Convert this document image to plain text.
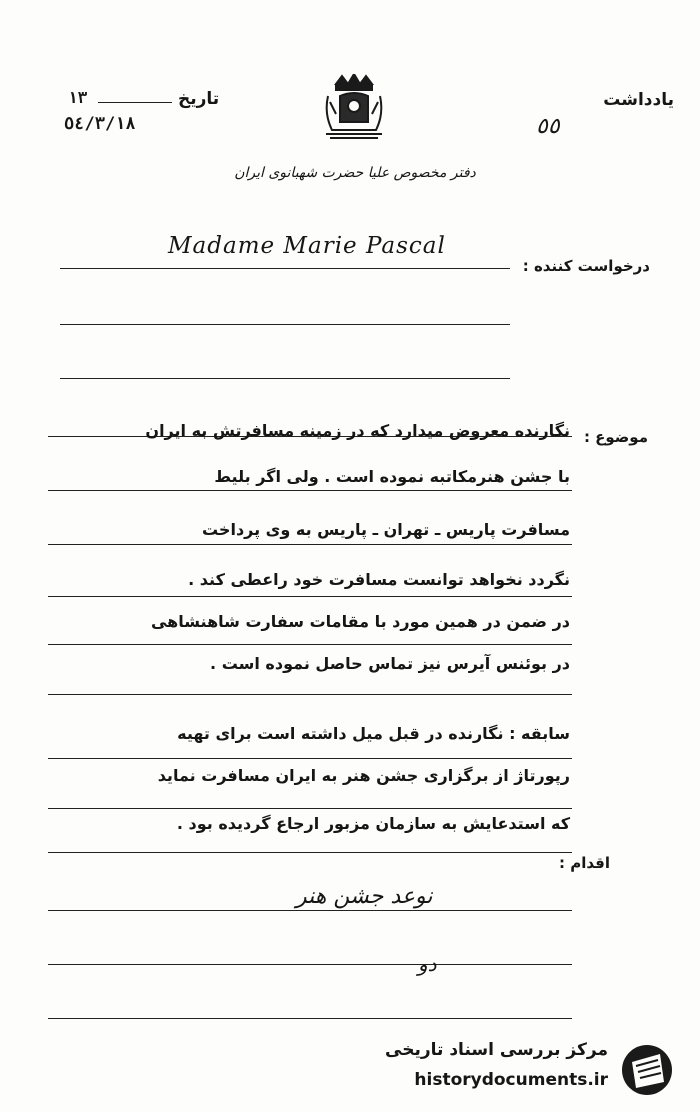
يادداشت
٥٥
تاريخ
١٣
٥٤/٣/١٨
دفتر مخصوص عليا حضرت شهبانوى ايران
Madame Marie Pascal
درخواست كننده :
موضوع :
نگارنده معروض ميدارد كه در زمينه مسافرتش به ايران
با جشن هنرمكاتبه نموده است . ولى اگر بليط
مسافرت پاريس ـ تهران ـ پاريس به وى پرداخت
نگردد نخواهد توانست مسافرت خود راعطى كند .
در ضمن در همين مورد با مقامات سفارت شاهنشاهى
در بوئنس آيرس نيز تماس حاصل نموده است .
سابقه : نگارنده در قبل ميل داشته است براى تهيه
رپورتاژ از برگزارى جشن هنر به ايران مسافرت نمايد
كه استدعايش به سازمان مزبور ارجاع گرديده بود .
اقدام :
نوعد جشن هنر
دو
مركز بررسى اسناد تاريخى
historydocuments.ir
